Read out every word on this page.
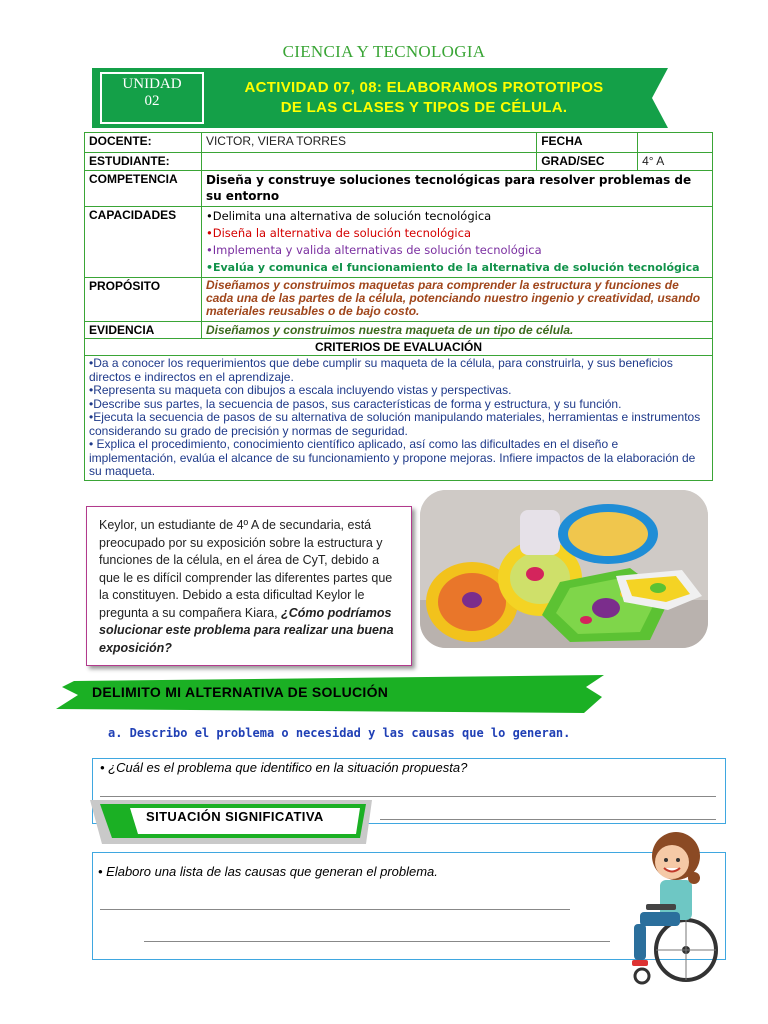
CIENCIA Y TECNOLOGIA
UNIDAD
02
ACTIVIDAD 07, 08: ELABORAMOS PROTOTIPOS
DE LAS CLASES Y TIPOS DE CÉLULA.
DOCENTE:	VICTOR, VIERA TORRES	FECHA	
ESTUDIANTE:		GRAD/SEC	4° A
COMPETENCIA	Diseña y construye soluciones tecnológicas para resolver problemas de su entorno		
CAPACIDADES	•Delimita una alternativa de solución tecnológica
•Diseña la alternativa de solución tecnológica
•Implementa y valida alternativas de solución tecnológica
•Evalúa y comunica el funcionamiento de la alternativa de solución tecnológica		

PROPÓSITO	Diseñamos y construimos maquetas para comprender la estructura y funciones de cada una de las partes de la célula, potenciando nuestro ingenio y creatividad, usando materiales reusables o de bajo costo.		
EVIDENCIA	Diseñamos y construimos nuestra maqueta de un tipo de célula.		
CRITERIOS DE EVALUACIÓN			

•Da a conocer los requerimientos que debe cumplir su maqueta de la célula, para construirla, y sus beneficios directos e indirectos en el aprendizaje.
•Representa su maqueta con dibujos a escala incluyendo vistas y perspectivas.
•Describe sus partes, la secuencia de pasos, sus características de forma y estructura, y su función.
•Ejecuta la secuencia de pasos de su alternativa de solución manipulando materiales, herramientas e instrumentos considerando su grado de precisión y normas de seguridad.
• Explica el procedimiento, conocimiento científico aplicado, así como las dificultades en el diseño e implementación, evalúa el alcance de su funcionamiento y propone mejoras. Infiere impactos de la elaboración de su maqueta.			
Keylor, un estudiante de 4º A de secundaria, está preocupado por su exposición sobre la estructura y funciones de la célula, en el área de CyT, debido a que le es difícil comprender las diferentes partes que la constituyen. Debido a esta dificultad Keylor le pregunta a su compañera Kiara, ¿Cómo podríamos solucionar este problema para realizar una buena exposición?
DELIMITO MI ALTERNATIVA DE SOLUCIÓN
a. Describo el problema o necesidad y las causas que lo generan.
• ¿Cuál es el problema que identifico en la situación propuesta?
SITUACIÓN SIGNIFICATIVA
• Elaboro una lista de las causas que generan el problema.
